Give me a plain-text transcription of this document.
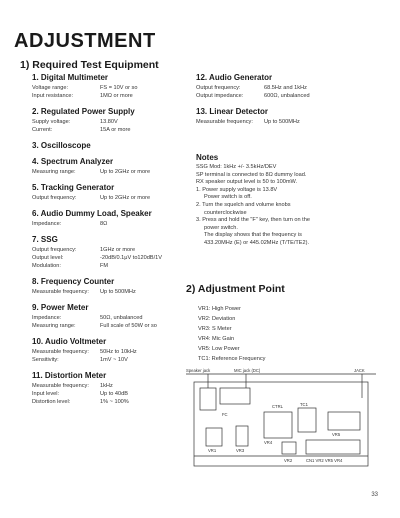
ADJUSTMENT
1) Required Test Equipment
1. Digital Multimeter
Voltage range:	FS = 10V or so
Input resistance:	1MΩ or more
2. Regulated Power Supply
Supply voltage:	13.80V
Current:	15A or more
3. Oscilloscope
4. Spectrum Analyzer
Measuring range:	Up to 2GHz or more
5. Tracking Generator
Output frequency:	Up to 2GHz or more
6. Audio Dummy Load, Speaker
Impedance:	8Ω
7. SSG
Output frequency:	1GHz or more
Output level:	-20dB/0.1μV to120dB/1V
Modulation:	FM
8. Frequency Counter
Measurable frequency:	Up to 500MHz
9. Power Meter
Impedance:	50Ω, unbalanced
Measuring range:	Full scale of 50W or so
10. Audio Voltmeter
Measurable frequency:	50Hz to 10kHz
Sensitivity:	1mV ~ 10V
11. Distortion Meter
Measurable frequency:	1kHz
Input level:	Up to 40dB
Distortion level:	1% ~ 100%
12. Audio Generator
Output frequency:	68.5Hz and 1kHz
Output impedance:	600Ω, unbalanced
13. Linear Detector
Measurable frequency:	Up to 500MHz
Notes
SSG Mod: 1kHz +/- 3.5kHz/DEV
SP terminal is connected to 8Ω dummy load.
RX speaker output level is 50 to 100mW.
1. Power supply voltage is 13.8V
Power switch is off.
2. Turn the squelch and volume knobs
counterclockwise
3. Press and hold the "F" key, then turn on the
power switch.
The display shows that the frequency is
433.20MHz (E) or 445.02MHz (T/TE/TE2).
2) Adjustment Point
VR1: High Power
VR2: Deviation
VR3: S Meter
VR4: Mic Gain
VR5: Low Power
TC1: Reference Frequency
Speaker jack	MIC jack (DC)	JACK
CTRL
VR1	VR3
VR4
TC1
VR2
VR5
FC
CN1 VR2 VR5 VR4
33
